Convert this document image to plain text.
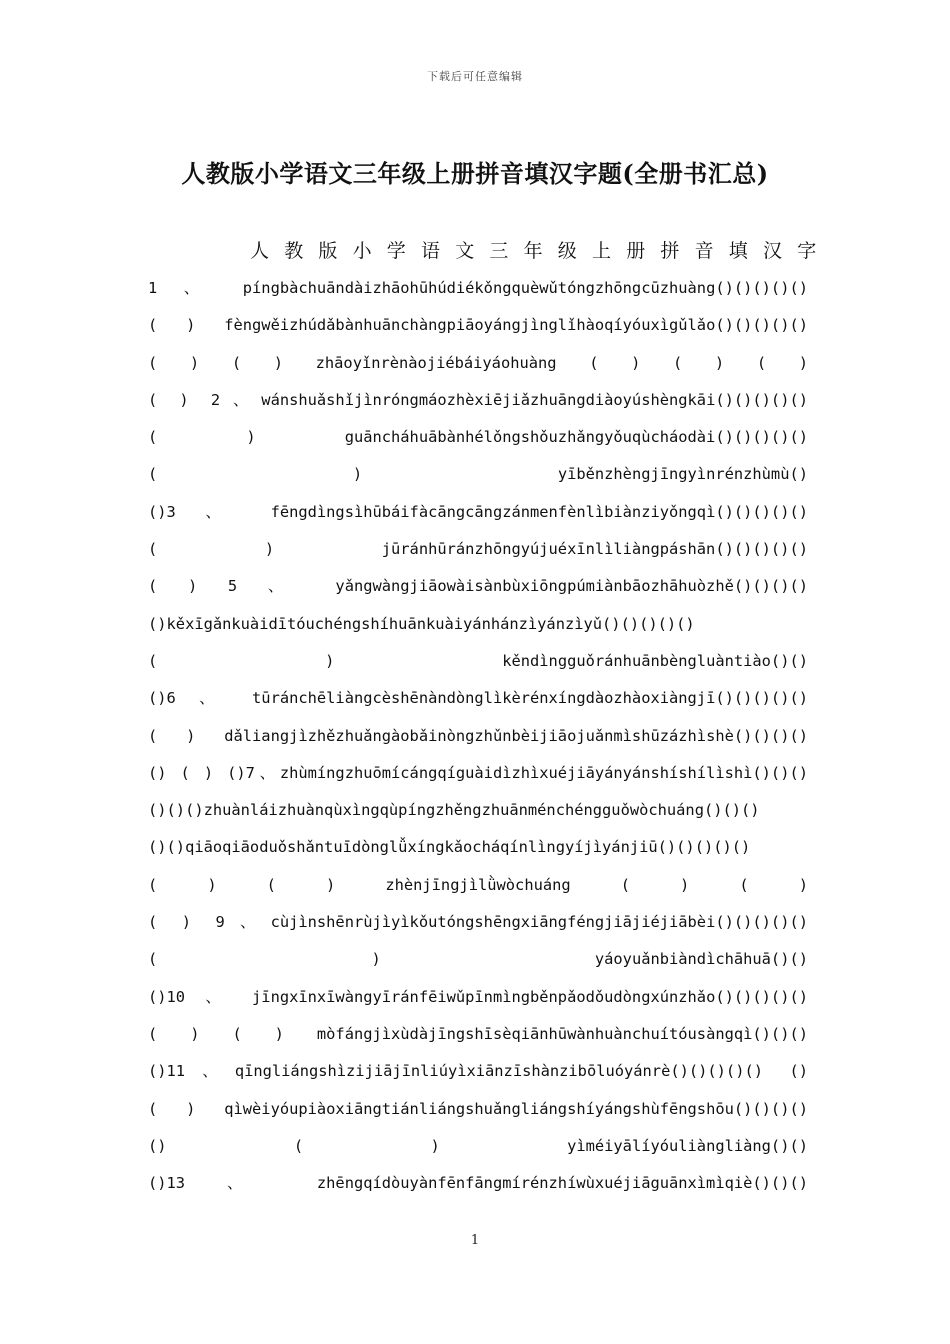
下载后可任意编辑
人教版小学语文三年级上册拼音填汉字题(全册书汇总)
人教版小学语文三年级上册拼音填汉字
1 、 píngbàchuāndàizhāohūhúdiékǒngquèwǔtóngzhōngcūzhuàng()()()()()
( ) fèngwěizhúdǎbànhuānchàngpiāoyángjìnglǐhàoqíyóuxìgǔlǎo()()()()()
( ) ( ) zhāoyǐnrènàojiébáiyáohuàng ( ) ( ) ( )
( ) 2、wánshuǎshǐjìnróngmáozhèxiējiǎzhuāngdiàoyúshèngkāi()()()()()
( ) guāncháhuābànhélǒngshǒuzhǎngyǒuqùcháodài()()()()()
( ) yīběnzhèngjīngyìnrénzhùmù()
()3 、 fēngdìngsìhūbáifàcāngcāngzánmenfènlìbiànziyǒngqì()()()()()
( ) jūránhūránzhōngyújuéxīnlìliàngpáshān()()()()()
( ) 5 、 yǎngwàngjiāowàisànbùxiōngpúmiànbāozhāhuòzhě()()()()
()kěxīgǎnkuàidītóuchéngshíhuānkuàiyánhánzìyánzìyǔ()()()()()
( ) kěndìngguǒránhuānbèngluàntiào()()
()6 、 tūránchēliàngcèshēnàndònglìkèrénxíngdàozhàoxiàngjī()()()()()
( ) dǎliangjìzhězhuǎngàobǎinòngzhǔnbèijiāojuǎnmìshūzázhìshè()()()()
() ( ) ()7、zhùmíngzhuōmícángqíguàidìzhìxuéjiāyányánshíshílìshì()()()
()()()zhuànláizhuànqùxìngqùpíngzhěngzhuānménchéngguǒwòchuáng()()()
()()qiāoqiāoduǒshǎntuīdònglǚxíngkǎocháqínlìngyíjìyánjiū()()()()()
( ) ( ) zhènjīngjìlǜwòchuáng ( ) ( )
( ) 9、cùjìnshēnrùjìyìkǒutóngshēngxiāngféngjiājiéjiābèi()()()()()
( ) yáoyuǎnbiàndìchāhuā()()
()10 、 jīngxīnxīwàngyīránfēiwǔpīnmìngběnpǎodǒudòngxúnzhǎo()()()()()
( ) ( ) mòfángjìxùdàjīngshīsèqiānhūwànhuànchuítóusàngqì()()()
()11、qīngliángshìzijiājīnliúyìxiānzīshànzibōluóyánrè()()()()() ()
( ) qìwèiyóupiàoxiāngtiánliángshuǎngliángshíyángshùfēngshōu()()()()
() ( ) yìméiyālíyóuliàngliàng()()
()13 、 zhēngqídòuyànfēnfāngmírénzhíwùxuéjiāguānxìmìqiè()()()
1
